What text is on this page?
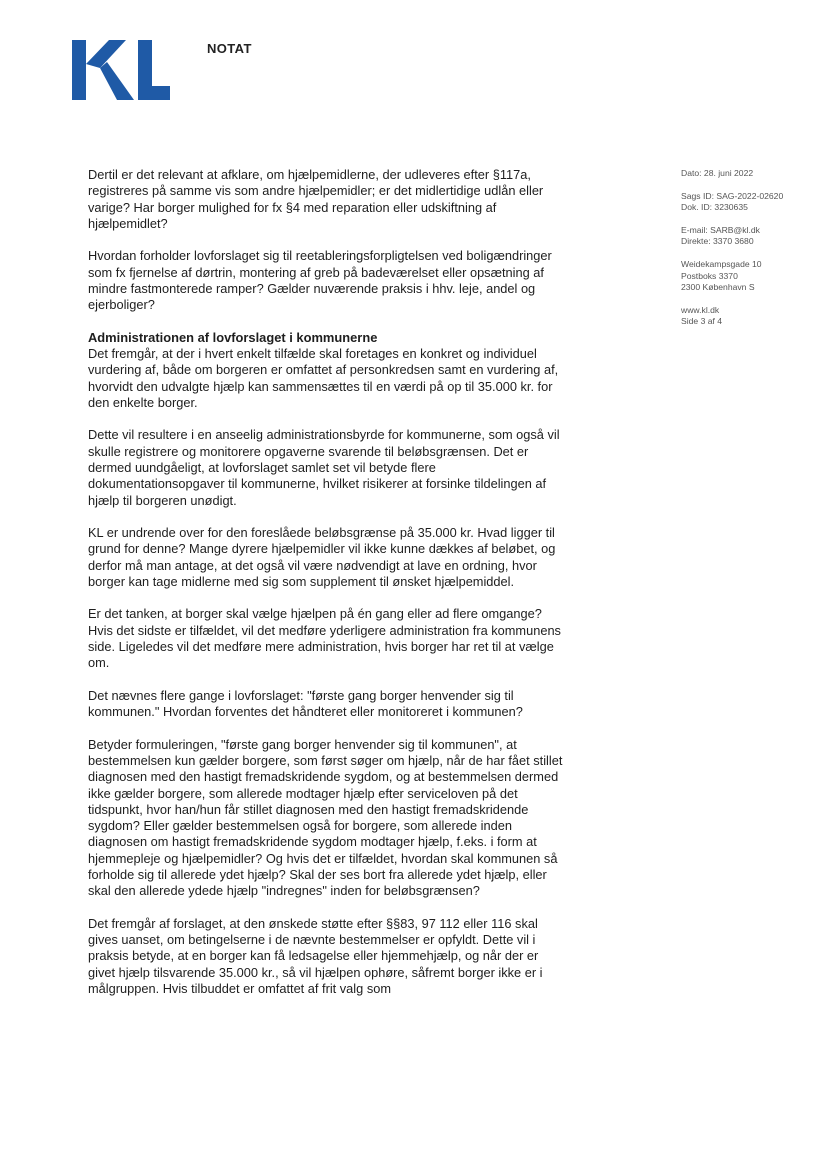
NOTAT

Dertil er det relevant at afklare, om hjælpemidlerne, der udleveres efter §117a, registreres på samme vis som andre hjælpemidler; er det midlertidige udlån eller varige? Har borger mulighed for fx §4 med reparation eller udskiftning af hjælpemidlet?

Hvordan forholder lovforslaget sig til reetableringsforpligtelsen ved boligændringer som fx fjernelse af dørtrin, montering af greb på badeværelset eller opsætning af mindre fastmonterede ramper? Gælder nuværende praksis i hhv. leje, andel og ejerboliger?

Administrationen af lovforslaget i kommunerne

Det fremgår, at der i hvert enkelt tilfælde skal foretages en konkret og individuel vurdering af, både om borgeren er omfattet af personkredsen samt en vurdering af, hvorvidt den udvalgte hjælp kan sammensættes til en værdi på op til 35.000 kr. for den enkelte borger.

Dette vil resultere i en anseelig administrationsbyrde for kommunerne, som også vil skulle registrere og monitorere opgaverne svarende til beløbsgrænsen. Det er dermed uundgåeligt, at lovforslaget samlet set vil betyde flere dokumentationsopgaver til kommunerne, hvilket risikerer at forsinke tildelingen af hjælp til borgeren unødigt.

KL er undrende over for den foreslåede beløbsgrænse på 35.000 kr. Hvad ligger til grund for denne? Mange dyrere hjælpemidler vil ikke kunne dækkes af beløbet, og derfor må man antage, at det også vil være nødvendigt at lave en ordning, hvor borger kan tage midlerne med sig som supplement til ønsket hjælpemiddel.

Er det tanken, at borger skal vælge hjælpen på én gang eller ad flere omgange? Hvis det sidste er tilfældet, vil det medføre yderligere administration fra kommunens side. Ligeledes vil det medføre mere administration, hvis borger har ret til at vælge om.

Det nævnes flere gange i lovforslaget: "første gang borger henvender sig til kommunen." Hvordan forventes det håndteret eller monitoreret i kommunen?

Betyder formuleringen, "første gang borger henvender sig til kommunen", at bestemmelsen kun gælder borgere, som først søger om hjælp, når de har fået stillet diagnosen med den hastigt fremadskridende sygdom, og at bestemmelsen dermed ikke gælder borgere, som allerede modtager hjælp efter serviceloven på det tidspunkt, hvor han/hun får stillet diagnosen med den hastigt fremadskridende sygdom? Eller gælder bestemmelsen også for borgere, som allerede inden diagnosen om hastigt fremadskridende sygdom modtager hjælp, f.eks. i form at hjemmepleje og hjælpemidler? Og hvis det er tilfældet, hvordan skal kommunen så forholde sig til allerede ydet hjælp? Skal der ses bort fra allerede ydet hjælp, eller skal den allerede ydede hjælp "indregnes" inden for beløbsgrænsen?

Det fremgår af forslaget, at den ønskede støtte efter §§83, 97 112 eller 116 skal gives uanset, om betingelserne i de nævnte bestemmelser er opfyldt. Dette vil i praksis betyde, at en borger kan få ledsagelse eller hjemmehjælp, og når der er givet hjælp tilsvarende 35.000 kr., så vil hjælpen ophøre, såfremt borger ikke er i målgruppen. Hvis tilbuddet er omfattet af frit valg som

Dato: 28. juni 2022
Sags ID: SAG-2022-02620
Dok. ID: 3230635
E-mail: SARB@kl.dk
Direkte: 3370 3680
Weidekampsgade 10
Postboks 3370
2300 København S
www.kl.dk
Side 3 af 4
